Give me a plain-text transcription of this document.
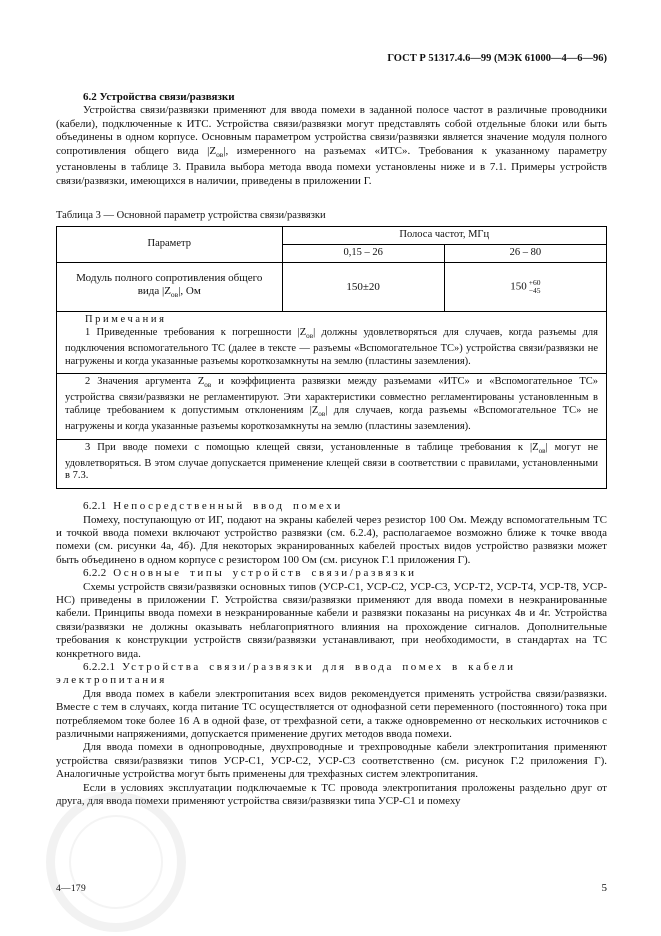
ГОСТ Р 51317.4.6—99 (МЭК 61000—4—6—96)
6.2 Устройства связи/развязки

Устройства связи/развязки применяют для ввода помехи в заданной полосе частот в различные проводники (кабели), подключенные к ИТС. Устройства связи/развязки могут представлять собой отдельные блоки или быть объединены в одном корпусе. Основным параметром устройства связи/развязки является значение модуля полного сопротивления общего вида $|Z_{ов}|$, измеренного на разъемах «ИТС». Требования к указанному параметру установлены в таблице 3. Правила выбора метода ввода помехи установлены ниже и в 7.1. Примеры устройств связи/развязки, имеющихся в наличии, приведены в приложении Г.

Таблица 3 — Основной параметр устройства связи/развязки
Параметр	Полоса частот, МГц	
	0,15 – 26	26 – 80
Модуль полного сопротивления общего вида $|Z_{ов}|$, Ом	150±20	150 +60
−45

Примечания
1 Приведенные требования к погрешности $|Z_{ов}|$ должны удовлетворяться для случаев, когда разъемы для подключения вспомогательного ТС (далее в тексте — разъемы «Вспомогательное ТС») устройства связи/развязки не нагружены и когда указанные разъемы короткозамкнуты на землю (пластины заземления).		

2 Значения аргумента $Z_{ов}$ и коэффициента развязки между разъемами «ИТС» и «Вспомогательное ТС» устройства связи/развязки не регламентируют. Эти характеристики совместно регламентированы установленным в таблице требованием к допустимым отклонениям $|Z_{ов}|$ для случаев, когда разъемы «Вспомогательное ТС» не нагружены и когда указанные разъемы короткозамкнуты на землю (пластины заземления).		

3 При вводе помехи с помощью клещей связи, установленные в таблице требования к $|Z_{ов}|$ могут не удовлетворяться. В этом случае допускается применение клещей связи в соответствии с правилами, установленными в 7.3.		
6.2.1 Непосредственный ввод помехи

Помеху, поступающую от ИГ, подают на экраны кабелей через резистор 100 Ом. Между вспомогательным ТС и точкой ввода помехи включают устройство развязки (см. 6.2.4), располагаемое возможно ближе к точке ввода помехи (см. рисунки 4а, 4б). Для некоторых экранированных кабелей простых видов устройство развязки может быть объединено в одном корпусе с резистором 100 Ом (см. рисунок Г.1 приложения Г).

6.2.2 Основные типы устройств связи/развязки

Схемы устройств связи/развязки основных типов (УСР-С1, УСР-С2, УСР-С3, УСР-Т2, УСР-Т4, УСР-Т8, УСР-НС) приведены в приложении Г. Устройства связи/развязки применяют для ввода помехи в неэкранированные кабели. Принципы ввода помехи в неэкранированные кабели и развязки показаны на рисунках 4в и 4г. Устройства связи/развязки не должны оказывать неблагоприятного влияния на прохождение сигналов. Дополнительные требования к конструкции устройств связи/развязки устанавливают, при необходимости, в стандартах на ТС конкретного вида.

6.2.2.1 Устройства связи/развязки для ввода помех в кабели электропитания

Для ввода помех в кабели электропитания всех видов рекомендуется применять устройства связи/развязки. Вместе с тем в случаях, когда питание ТС осуществляется от однофазной сети переменного (постоянного) тока при потребляемом токе более 16 А в одной фазе, от трехфазной сети, а также одновременно от нескольких источников с различными напряжениями, допускается применение других методов ввода помехи.

Для ввода помехи в однопроводные, двухпроводные и трехпроводные кабели электропитания применяют устройства связи/развязки типов УСР-С1, УСР-С2, УСР-С3 соответственно (см. рисунок Г.2 приложения Г). Аналогичные устройства могут быть применены для трехфазных систем электропитания.

Если в условиях эксплуатации подключаемые к ТС провода электропитания проложены раздельно друг от друга, для ввода помехи применяют устройства связи/развязки типа УСР-С1 и помеху

4—179	5
